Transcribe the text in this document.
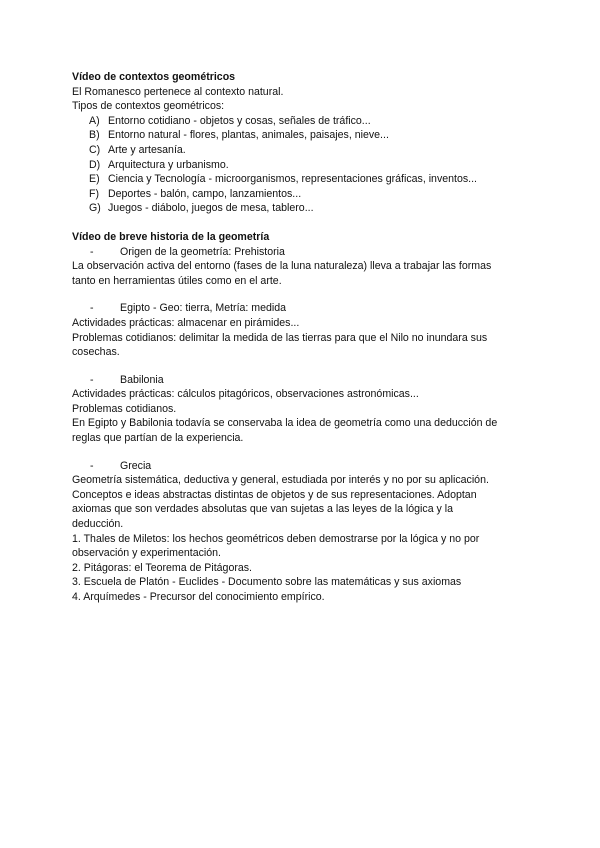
Vídeo de contextos geométricos

El Romanesco pertenece al contexto natural.

Tipos de contextos geométricos:

A) Entorno cotidiano - objetos y cosas, señales de tráfico...
B) Entorno natural - flores, plantas, animales, paisajes, nieve...
C) Arte y artesanía.
D) Arquitectura y urbanismo.
E) Ciencia y Tecnología - microorganismos, representaciones gráficas, inventos...
F) Deportes - balón, campo, lanzamientos...
G) Juegos - diábolo, juegos de mesa, tablero...

Vídeo de breve historia de la geometría

- Origen de la geometría: Prehistoria

La observación activa del entorno (fases de la luna naturaleza) lleva a trabajar las formas

tanto en herramientas útiles como en el arte.

- Egipto - Geo: tierra, Metría: medida

Actividades prácticas: almacenar en pirámides...

Problemas cotidianos: delimitar la medida de las tierras para que el Nilo no inundara sus

cosechas.

- Babilonia

Actividades prácticas: cálculos pitagóricos, observaciones astronómicas...

Problemas cotidianos.

En Egipto y Babilonia todavía se conservaba la idea de geometría como una deducción de

reglas que partían de la experiencia.

- Grecia

Geometría sistemática, deductiva y general, estudiada por interés y no por su aplicación.

Conceptos e ideas abstractas distintas de objetos y de sus representaciones. Adoptan

axiomas que son verdades absolutas que van sujetas a las leyes de la lógica y la

deducción.

1. Thales de Miletos: los hechos geométricos deben demostrarse por la lógica y no por

observación y experimentación.

2. Pitágoras: el Teorema de Pitágoras.

3. Escuela de Platón - Euclides - Documento sobre las matemáticas y sus axiomas

4. Arquímedes - Precursor del conocimiento empírico.
